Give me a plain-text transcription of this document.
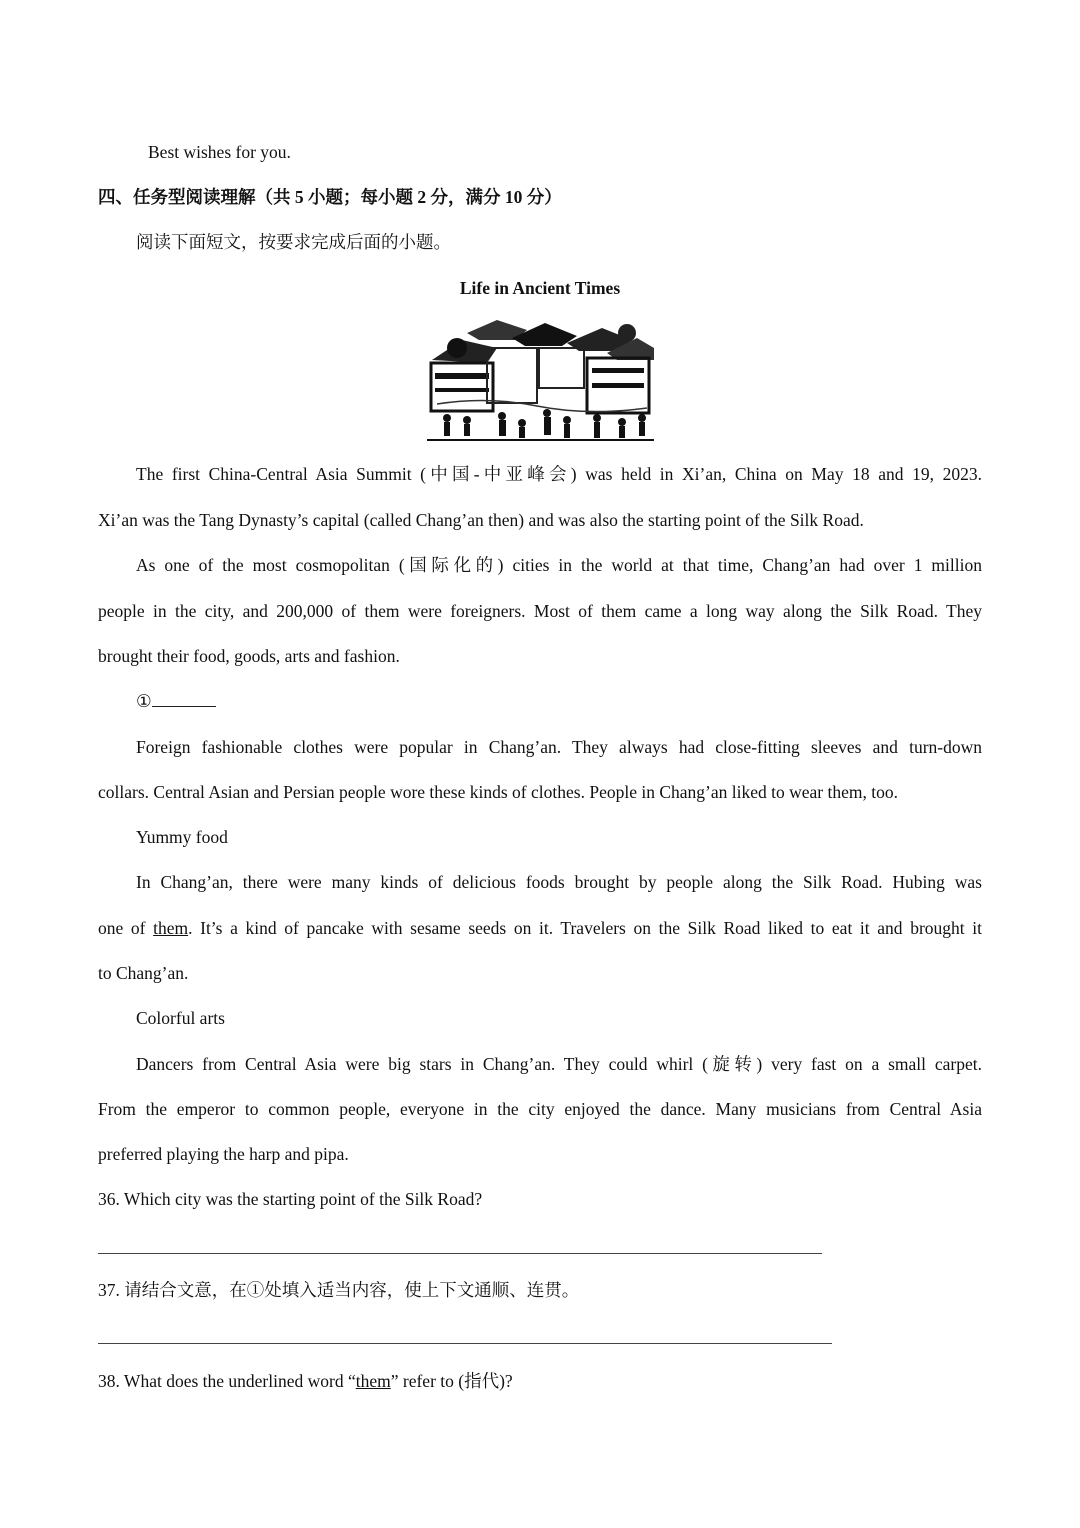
Best wishes for you.
四、任务型阅读理解（共 5 小题；每小题 2 分，满分 10 分）
阅读下面短文，按要求完成后面的小题。
Life in Ancient Times
The first China-Central Asia Summit (中国-中亚峰会) was held in Xi’an, China on May 18 and 19, 2023.
Xi’an was the Tang Dynasty’s capital (called Chang’an then) and was also the starting point of the Silk Road.
As one of the most cosmopolitan (国际化的) cities in the world at that time, Chang’an had over 1 million
people in the city, and 200,000 of them were foreigners. Most of them came a long way along the Silk Road. They
brought their food, goods, arts and fashion.
①
Foreign fashionable clothes were popular in Chang’an. They always had close-fitting sleeves and turn-down
collars. Central Asian and Persian people wore these kinds of clothes. People in Chang’an liked to wear them, too.
Yummy food
In Chang’an, there were many kinds of delicious foods brought by people along the Silk Road. Hubing was
one of them. It’s a kind of pancake with sesame seeds on it. Travelers on the Silk Road liked to eat it and brought it
to Chang’an.
Colorful arts
Dancers from Central Asia were big stars in Chang’an. They could whirl (旋转) very fast on a small carpet.
From the emperor to common people, everyone in the city enjoyed the dance. Many musicians from Central Asia
preferred playing the harp and pipa.
36. Which city was the starting point of the Silk Road?
37. 请结合文意，在①处填入适当内容，使上下文通顺、连贯。
38. What does the underlined word “them” refer to (指代)?
